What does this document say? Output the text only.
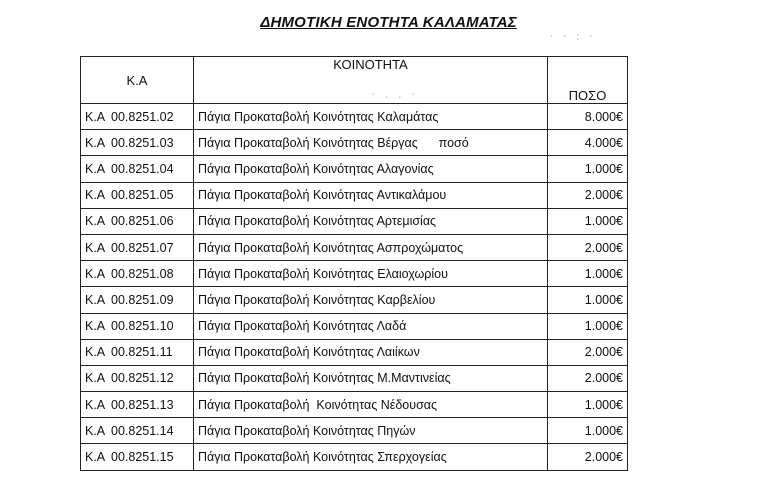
· · : ·
· . . ·
ΔΗΜΟΤΙΚΗ ΕΝΟΤΗΤΑ ΚΑΛΑΜΑΤΑΣ
Κ.Α	ΚΟΙΝΟΤΗΤΑ	ΠΟΣΟ
Κ.Α 00.8251.02	Πάγια Προκαταβολή Κοινότητας Καλαμάτας	8.000€
Κ.Α 00.8251.03	Πάγια Προκαταβολή Κοινότητας Βέργας      ποσό	4.000€
Κ.Α 00.8251.04	Πάγια Προκαταβολή Κοινότητας Αλαγονίας	1.000€
Κ.Α 00.8251.05	Πάγια Προκαταβολή Κοινότητας Αντικαλάμου	2.000€
Κ.Α 00.8251.06	Πάγια Προκαταβολή Κοινότητας Αρτεμισίας	1.000€
Κ.Α 00.8251.07	Πάγια Προκαταβολή Κοινότητας Ασπροχώματος	2.000€
Κ.Α 00.8251.08	Πάγια Προκαταβολή Κοινότητας Ελαιοχωρίου	1.000€
Κ.Α 00.8251.09	Πάγια Προκαταβολή Κοινότητας Καρβελίου	1.000€
Κ.Α 00.8251.10	Πάγια Προκαταβολή Κοινότητας Λαδά	1.000€
Κ.Α 00.8251.11	Πάγια Προκαταβολή Κοινότητας Λαιίκων	2.000€
Κ.Α 00.8251.12	Πάγια Προκαταβολή Κοινότητας Μ.Μαντινείας	2.000€
Κ.Α 00.8251.13	Πάγια Προκαταβολή  Κοινότητας Νέδουσας	1.000€
Κ.Α 00.8251.14	Πάγια Προκαταβολή Κοινότητας Πηγών	1.000€
Κ.Α 00.8251.15	Πάγια Προκαταβολή Κοινότητας Σπερχογείας	2.000€
